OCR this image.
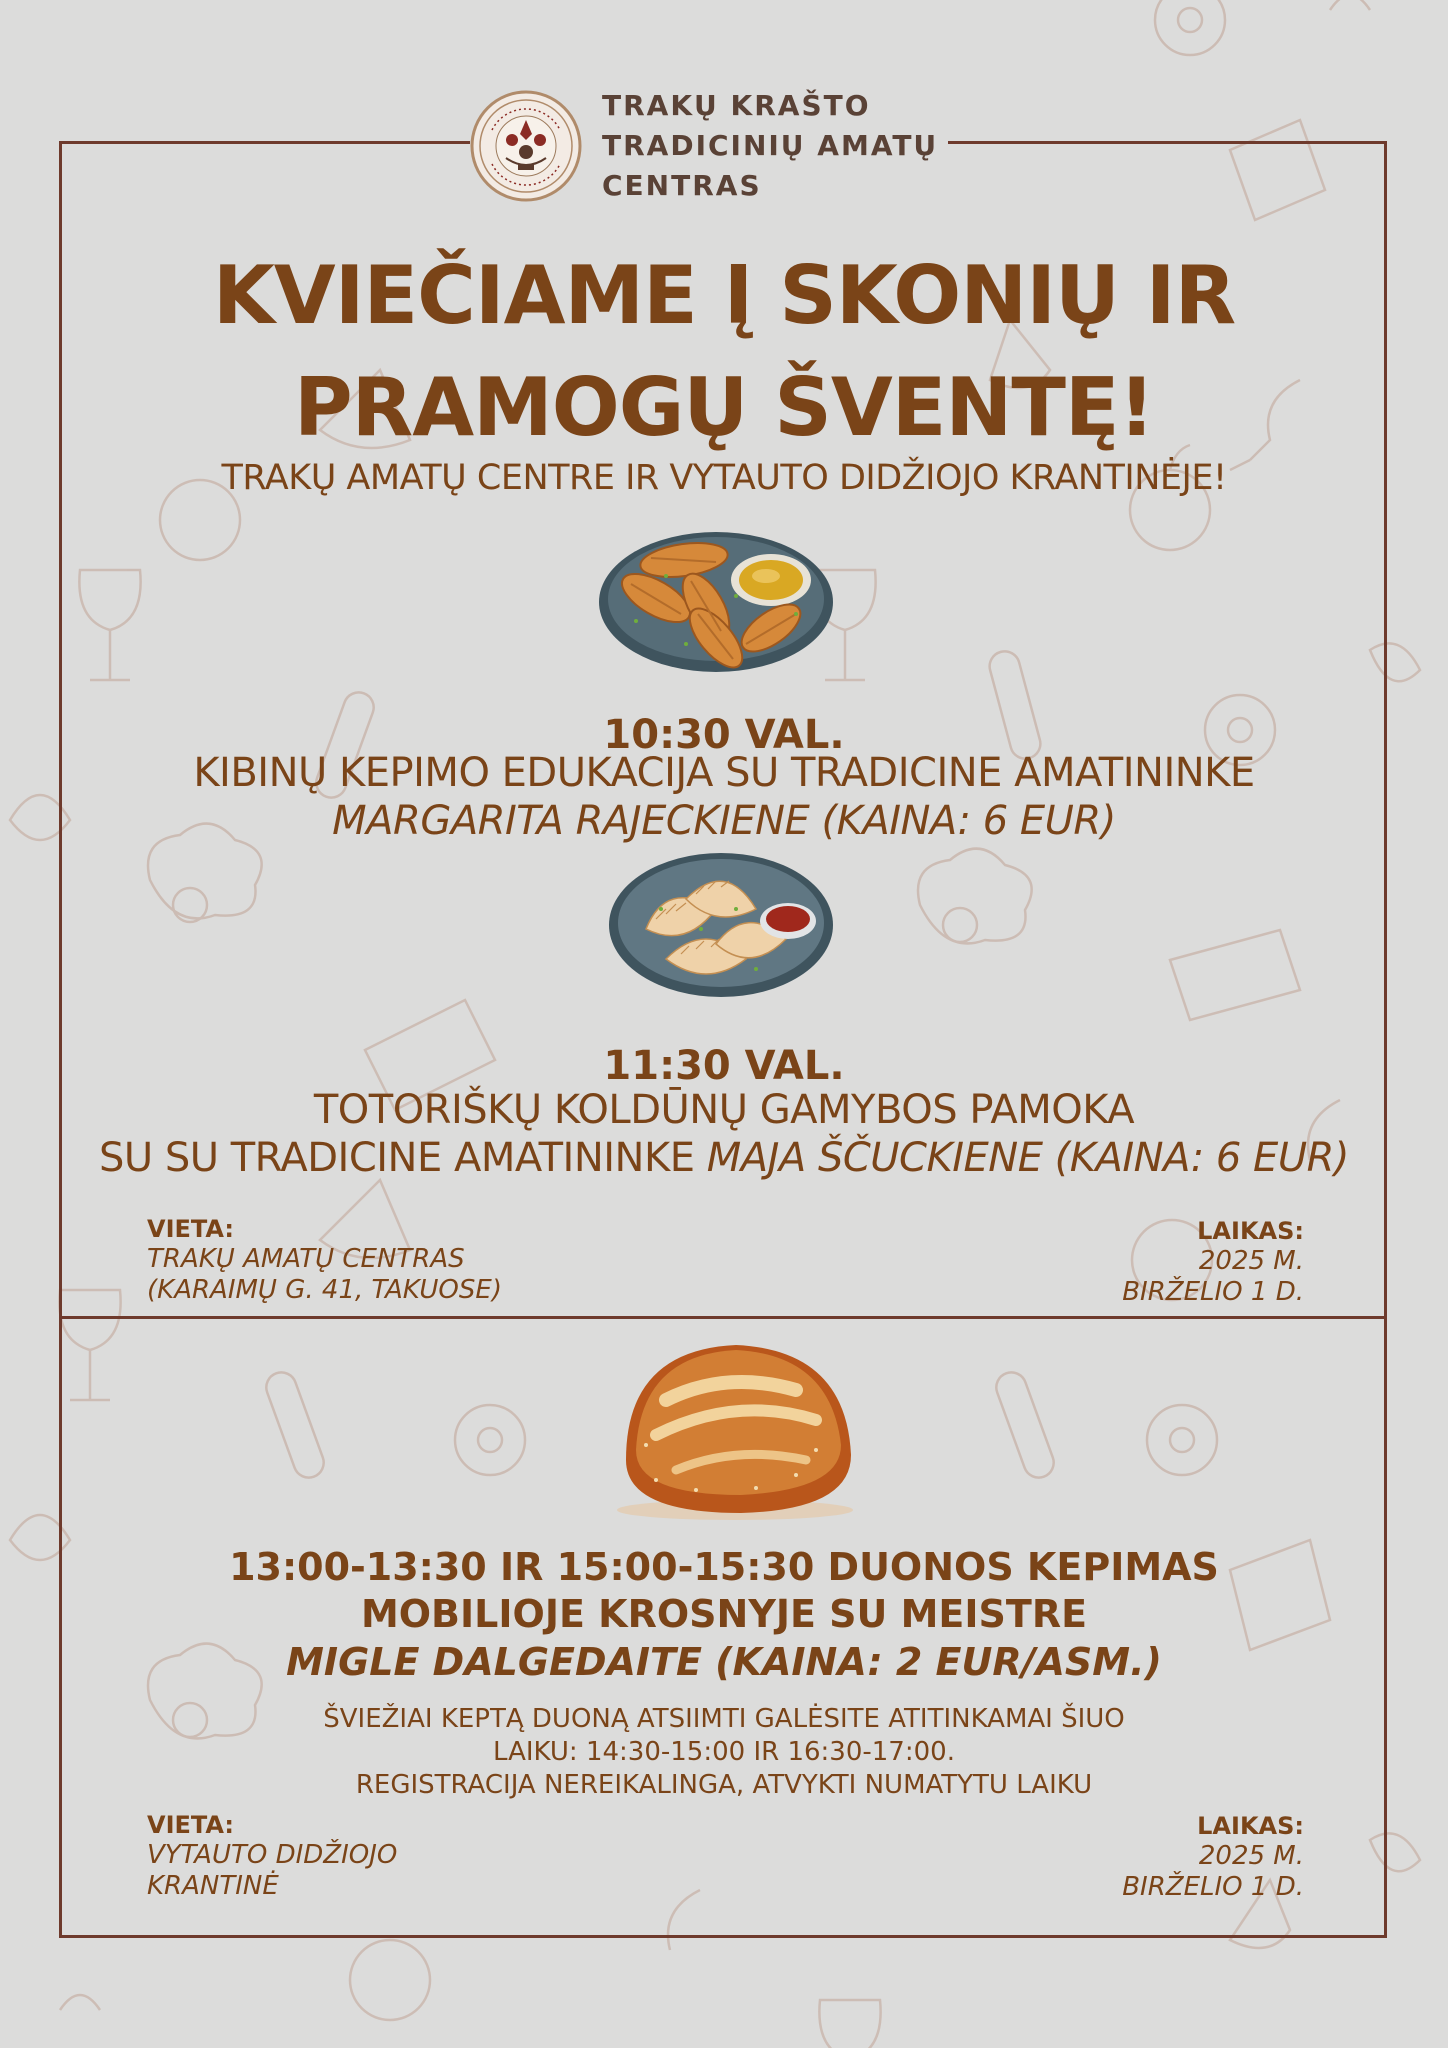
TRAKŲ KRAŠTO
TRADICINIŲ AMATŲ
CENTRAS
KVIEČIAME Į SKONIŲ IR
PRAMOGŲ ŠVENTĘ!
TRAKŲ AMATŲ CENTRE IR VYTAUTO DIDŽIOJO KRANTINĖJE!
10:30 VAL.
KIBINŲ KEPIMO EDUKACIJA SU TRADICINE AMATININKE
MARGARITA RAJECKIENE (KAINA: 6 EUR)
11:30 VAL.
TOTORIŠKŲ KOLDŪNŲ GAMYBOS PAMOKA
SU SU TRADICINE AMATININKE MAJA ŠČUCKIENE (KAINA: 6 EUR)
VIETA:
TRAKŲ AMATŲ CENTRAS
(KARAIMŲ G. 41, TAKUOSE)
LAIKAS:
2025 M.
BIRŽELIO 1 D.
13:00-13:30 IR 15:00-15:30 DUONOS KEPIMAS
MOBILIOJE KROSNYJE SU MEISTRE
MIGLE DALGEDAITE (KAINA: 2 EUR/ASM.)
ŠVIEŽIAI KEPTĄ DUONĄ ATSIIMTI GALĖSITE ATITINKAMAI ŠIUO
LAIKU: 14:30-15:00 IR 16:30-17:00.
REGISTRACIJA NEREIKALINGA, ATVYKTI NUMATYTU LAIKU
VIETA:
VYTAUTO DIDŽIOJO
KRANTINĖ
LAIKAS:
2025 M.
BIRŽELIO 1 D.
